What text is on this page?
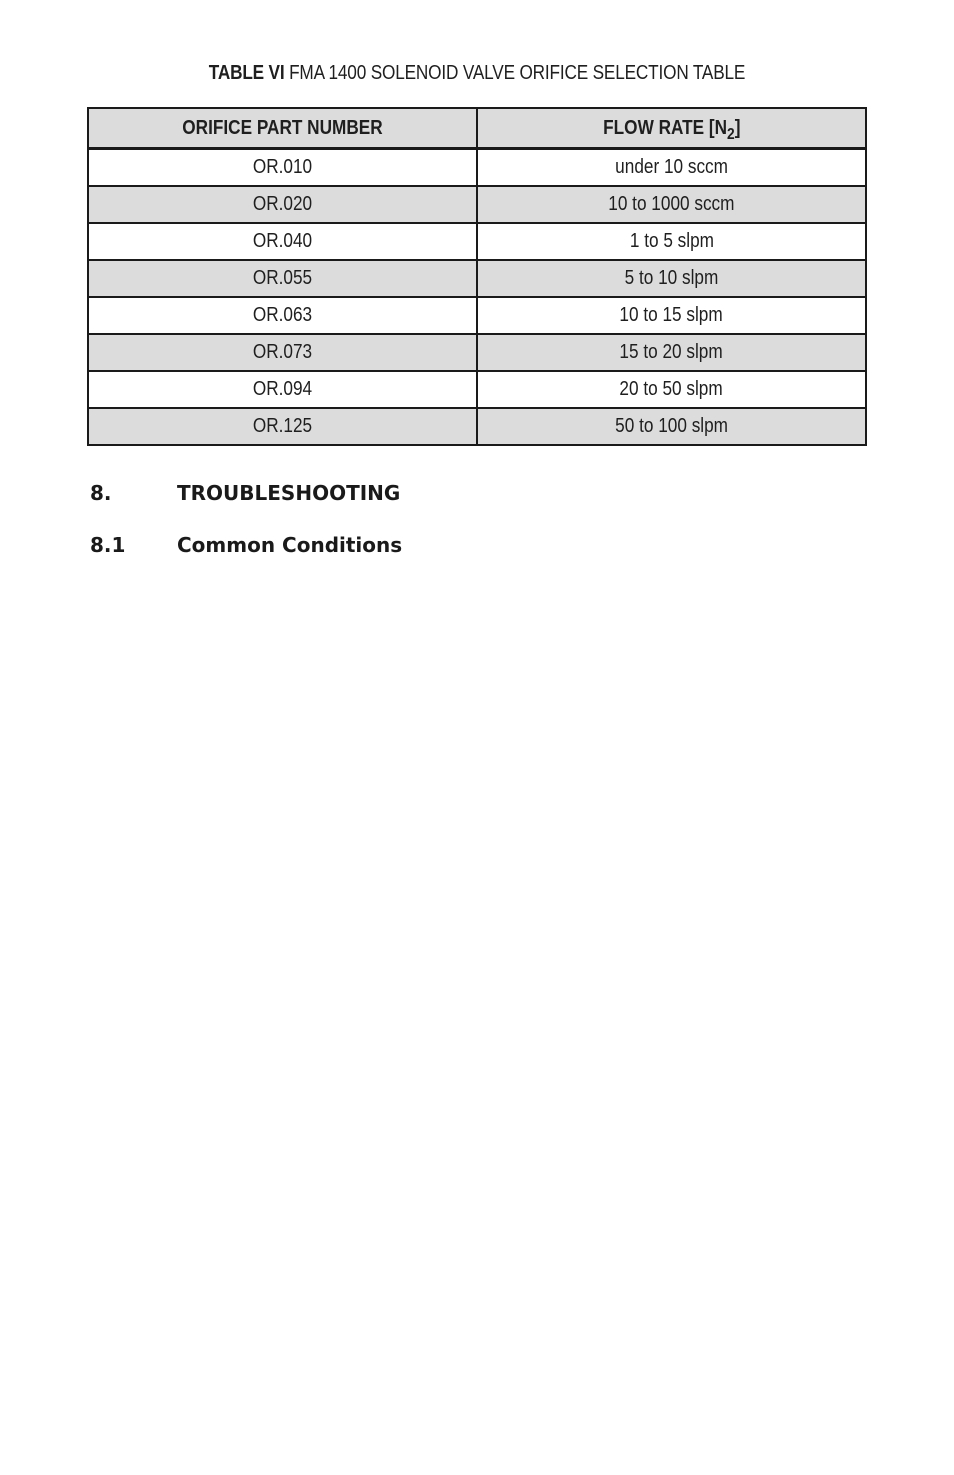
TABLE VI FMA 1400 SOLENOID VALVE ORIFICE SELECTION TABLE
ORIFICE PART NUMBER	FLOW RATE $[N_2]$
OR.010	under 10 sccm
OR.020	10 to 1000 sccm
OR.040	1 to 5 slpm
OR.055	5 to 10 slpm
OR.063	10 to 15 slpm
OR.073	15 to 20 slpm
OR.094	20 to 50 slpm
OR.125	50 to 100 slpm
8.	TROUBLESHOOTING
8.1	Common Conditions
